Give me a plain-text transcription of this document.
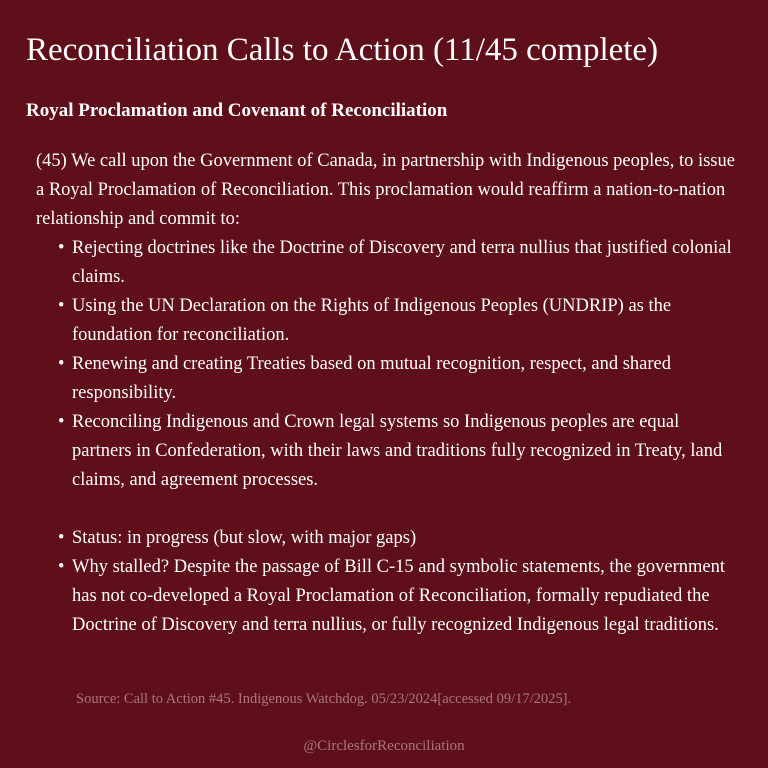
Reconciliation Calls to Action (11/45 complete)
Royal Proclamation and Covenant of Reconciliation

(45) We call upon the Government of Canada, in partnership with Indigenous peoples, to issue a Royal Proclamation of Reconciliation. This proclamation would reaffirm a nation-to-nation relationship and commit to:

• Rejecting doctrines like the Doctrine of Discovery and terra nullius that justified colonial claims.
• Using the UN Declaration on the Rights of Indigenous Peoples (UNDRIP) as the foundation for reconciliation.
• Renewing and creating Treaties based on mutual recognition, respect, and shared responsibility.
• Reconciling Indigenous and Crown legal systems so Indigenous peoples are equal partners in Confederation, with their laws and traditions fully recognized in Treaty, land claims, and agreement processes.
• Status: in progress (but slow, with major gaps)
• Why stalled? Despite the passage of Bill C-15 and symbolic statements, the government has not co-developed a Royal Proclamation of Reconciliation, formally repudiated the Doctrine of Discovery and terra nullius, or fully recognized Indigenous legal traditions.
Source: Call to Action #45. Indigenous Watchdog. 05/23/2024[accessed 09/17/2025].
@CirclesforReconciliation
